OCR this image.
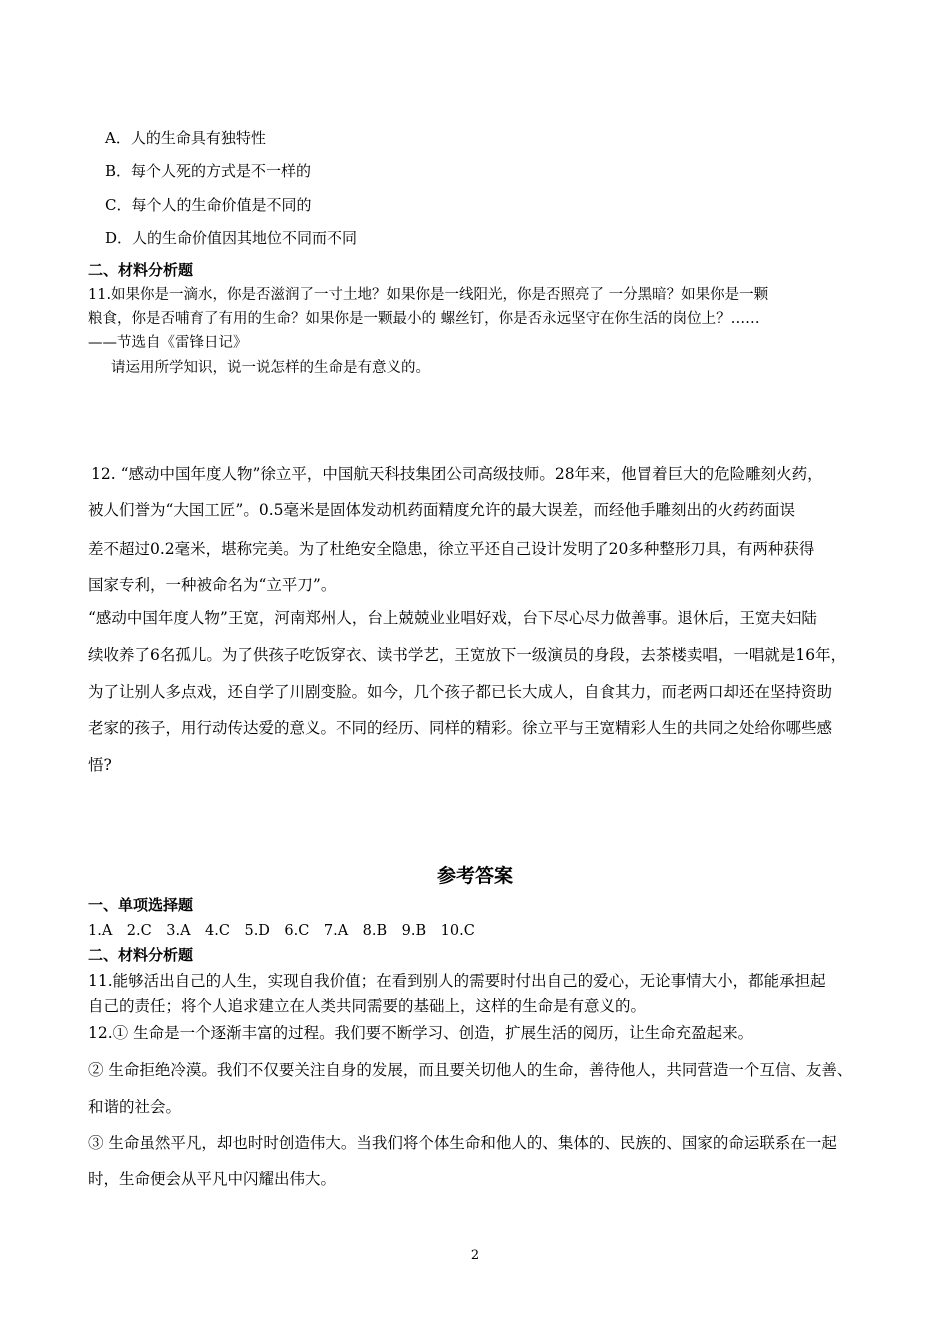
A．人的生命具有独特性
B．每个人死的方式是不一样的
C．每个人的生命价值是不同的
D．人的生命价值因其地位不同而不同
二、材料分析题
11.如果你是一滴水，你是否滋润了一寸土地？如果你是一线阳光，你是否照亮了 一分黑暗？如果你是一颗
粮食，你是否哺育了有用的生命？如果你是一颗最小的 螺丝钉，你是否永远坚守在你生活的岗位上？……
——节选自《雷锋日记》
请运用所学知识，说一说怎样的生命是有意义的。
12. “感动中国年度人物”徐立平，中国航天科技集团公司高级技师。28年来，他冒着巨大的危险雕刻火药，
被人们誉为“大国工匠”。0.5毫米是固体发动机药面精度允许的最大误差，而经他手雕刻出的火药药面误
差不超过0.2毫米，堪称完美。为了杜绝安全隐患，徐立平还自己设计发明了20多种整形刀具，有两种获得
国家专利，一种被命名为“立平刀”。
“感动中国年度人物”王宽，河南郑州人，台上兢兢业业唱好戏，台下尽心尽力做善事。退休后，王宽夫妇陆
续收养了6名孤儿。为了供孩子吃饭穿衣、读书学艺，王宽放下一级演员的身段，去茶楼卖唱，一唱就是16年，
为了让别人多点戏，还自学了川剧变脸。如今，几个孩子都已长大成人，自食其力，而老两口却还在坚持资助
老家的孩子，用行动传达爱的意义。不同的经历、同样的精彩。徐立平与王宽精彩人生的共同之处给你哪些感
悟?
参考答案
一、单项选择题
1.A　2.C　3.A　4.C　5.D　6.C　7.A　8.B　9.B　10.C
二、材料分析题
11.能够活出自己的人生，实现自我价值；在看到别人的需要时付出自己的爱心，无论事情大小，都能承担起
自己的责任；将个人追求建立在人类共同需要的基础上，这样的生命是有意义的。
12.① 生命是一个逐渐丰富的过程。我们要不断学习、创造，扩展生活的阅历，让生命充盈起来。
② 生命拒绝冷漠。我们不仅要关注自身的发展，而且要关切他人的生命，善待他人，共同营造一个互信、友善、
和谐的社会。
③ 生命虽然平凡，却也时时创造伟大。当我们将个体生命和他人的、集体的、民族的、国家的命运联系在一起
时，生命便会从平凡中闪耀出伟大。
2
